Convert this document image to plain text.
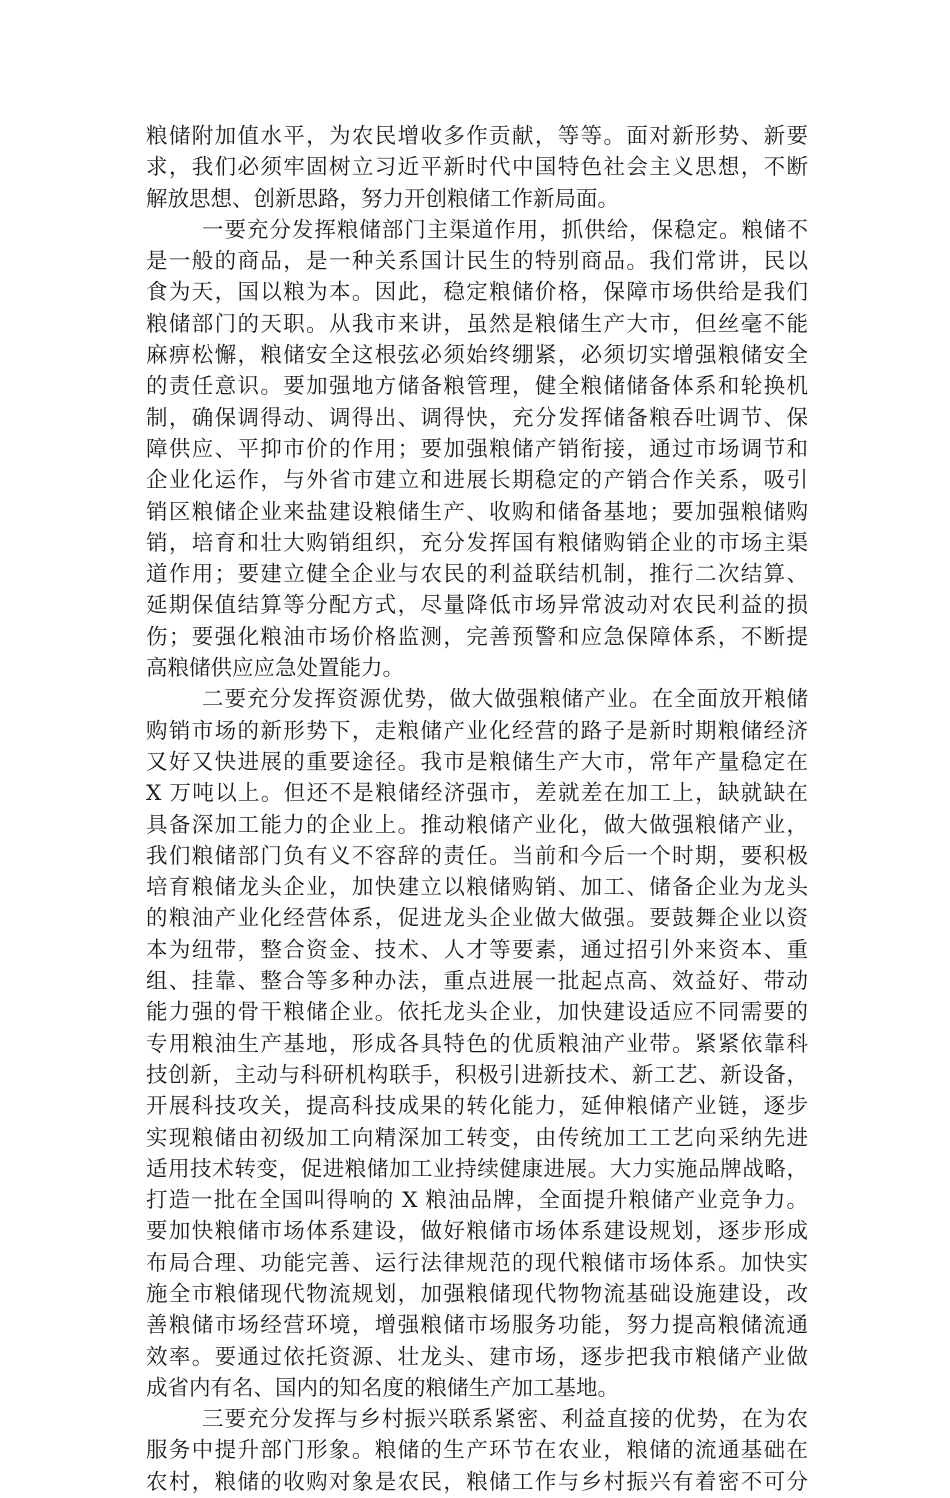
粮储附加值水平，为农民增收多作贡献，等等。面对新形势、新要
求，我们必须牢固树立习近平新时代中国特色社会主义思想，不断
解放思想、创新思路，努力开创粮储工作新局面。
一要充分发挥粮储部门主渠道作用，抓供给，保稳定。粮储不
是一般的商品，是一种关系国计民生的特别商品。我们常讲，民以
食为天，国以粮为本。因此，稳定粮储价格，保障市场供给是我们
粮储部门的天职。从我市来讲，虽然是粮储生产大市，但丝毫不能
麻痹松懈，粮储安全这根弦必须始终绷紧，必须切实增强粮储安全
的责任意识。要加强地方储备粮管理，健全粮储储备体系和轮换机
制，确保调得动、调得出、调得快，充分发挥储备粮吞吐调节、保
障供应、平抑市价的作用；要加强粮储产销衔接，通过市场调节和
企业化运作，与外省市建立和进展长期稳定的产销合作关系，吸引
销区粮储企业来盐建设粮储生产、收购和储备基地；要加强粮储购
销，培育和壮大购销组织，充分发挥国有粮储购销企业的市场主渠
道作用；要建立健全企业与农民的利益联结机制，推行二次结算、
延期保值结算等分配方式，尽量降低市场异常波动对农民利益的损
伤；要强化粮油市场价格监测，完善预警和应急保障体系，不断提
高粮储供应应急处置能力。
二要充分发挥资源优势，做大做强粮储产业。在全面放开粮储
购销市场的新形势下，走粮储产业化经营的路子是新时期粮储经济
又好又快进展的重要途径。我市是粮储生产大市，常年产量稳定在
X 万吨以上。但还不是粮储经济强市，差就差在加工上，缺就缺在
具备深加工能力的企业上。推动粮储产业化，做大做强粮储产业，
我们粮储部门负有义不容辞的责任。当前和今后一个时期，要积极
培育粮储龙头企业，加快建立以粮储购销、加工、储备企业为龙头
的粮油产业化经营体系，促进龙头企业做大做强。要鼓舞企业以资
本为纽带，整合资金、技术、人才等要素，通过招引外来资本、重
组、挂靠、整合等多种办法，重点进展一批起点高、效益好、带动
能力强的骨干粮储企业。依托龙头企业，加快建设适应不同需要的
专用粮油生产基地，形成各具特色的优质粮油产业带。紧紧依靠科
技创新，主动与科研机构联手，积极引进新技术、新工艺、新设备，
开展科技攻关，提高科技成果的转化能力，延伸粮储产业链，逐步
实现粮储由初级加工向精深加工转变，由传统加工工艺向采纳先进
适用技术转变，促进粮储加工业持续健康进展。大力实施品牌战略，
打造一批在全国叫得响的 X 粮油品牌，全面提升粮储产业竞争力。
要加快粮储市场体系建设，做好粮储市场体系建设规划，逐步形成
布局合理、功能完善、运行法律规范的现代粮储市场体系。加快实
施全市粮储现代物流规划，加强粮储现代物物流基础设施建设，改
善粮储市场经营环境，增强粮储市场服务功能，努力提高粮储流通
效率。要通过依托资源、壮龙头、建市场，逐步把我市粮储产业做
成省内有名、国内的知名度的粮储生产加工基地。
三要充分发挥与乡村振兴联系紧密、利益直接的优势，在为农
服务中提升部门形象。粮储的生产环节在农业，粮储的流通基础在
农村，粮储的收购对象是农民，粮储工作与乡村振兴有着密不可分
